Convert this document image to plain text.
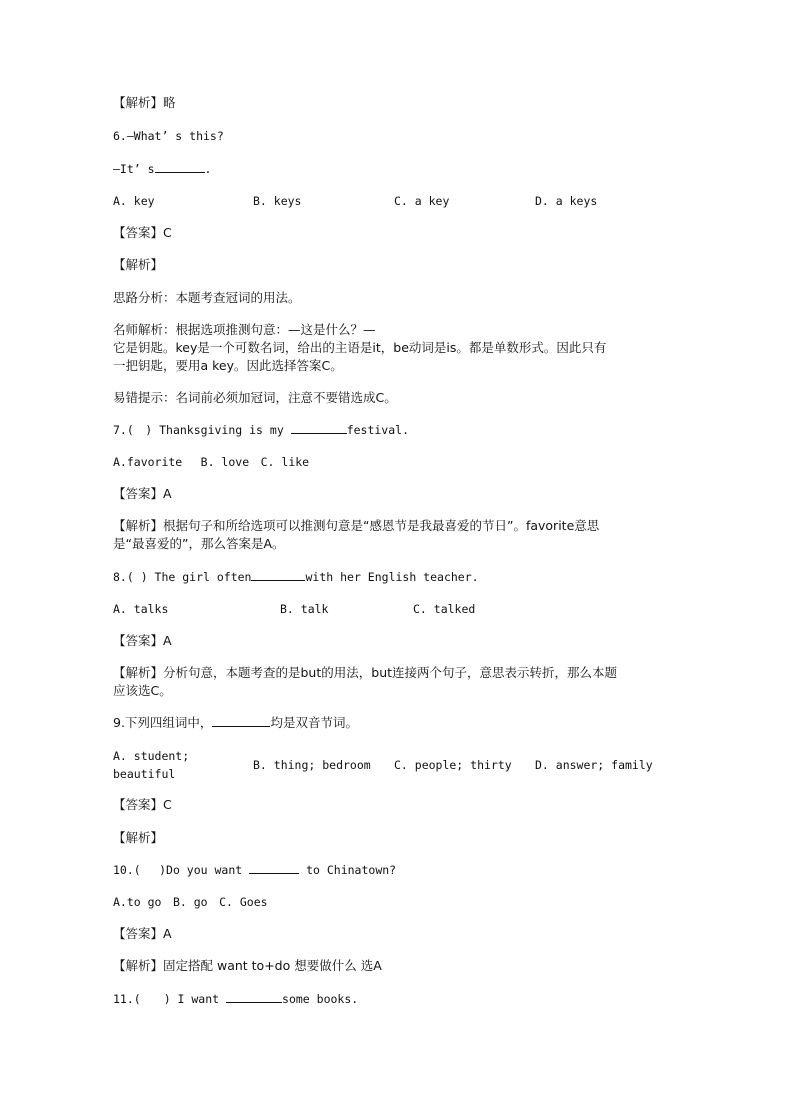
【解析】略
6.—What’ s this?
—It’ s	.
A. key	B. keys	C. a key	D. a keys
【答案】C
【解析】
思路分析：本题考查冠词的用法。
名师解析：根据选项推测句意：—这是什么？—
它是钥匙。key是一个可数名词，给出的主语是it，be动词是is。都是单数形式。因此只有
一把钥匙，要用a key。因此选择答案C。
易错提示：名词前必须加冠词，注意不要错选成C。
7.(　) Thanksgiving is my	festival.
A.favorite　 B. love　C. like
【答案】A
【解析】根据句子和所给选项可以推测句意是“感恩节是我最喜爱的节日”。favorite意思
是“最喜爱的”，那么答案是A。
8.( ) The girl often	with her English teacher.
A. talks	B. talk	C. talked
【答案】A
【解析】分析句意，本题考查的是but的用法，but连接两个句子，意思表示转折，那么本题
应该选C。
9.下列四组词中，	均是双音节词。
A. student;
beautiful
B. thing; bedroom C. people; thirty D. answer; family
【答案】C
【解析】
10.(　 )Do you want	to Chinatown?
A.to go　B. go　C. Goes
【答案】A
【解析】固定搭配 want to+do 想要做什么 选A
11.(　　) I want	some books.
